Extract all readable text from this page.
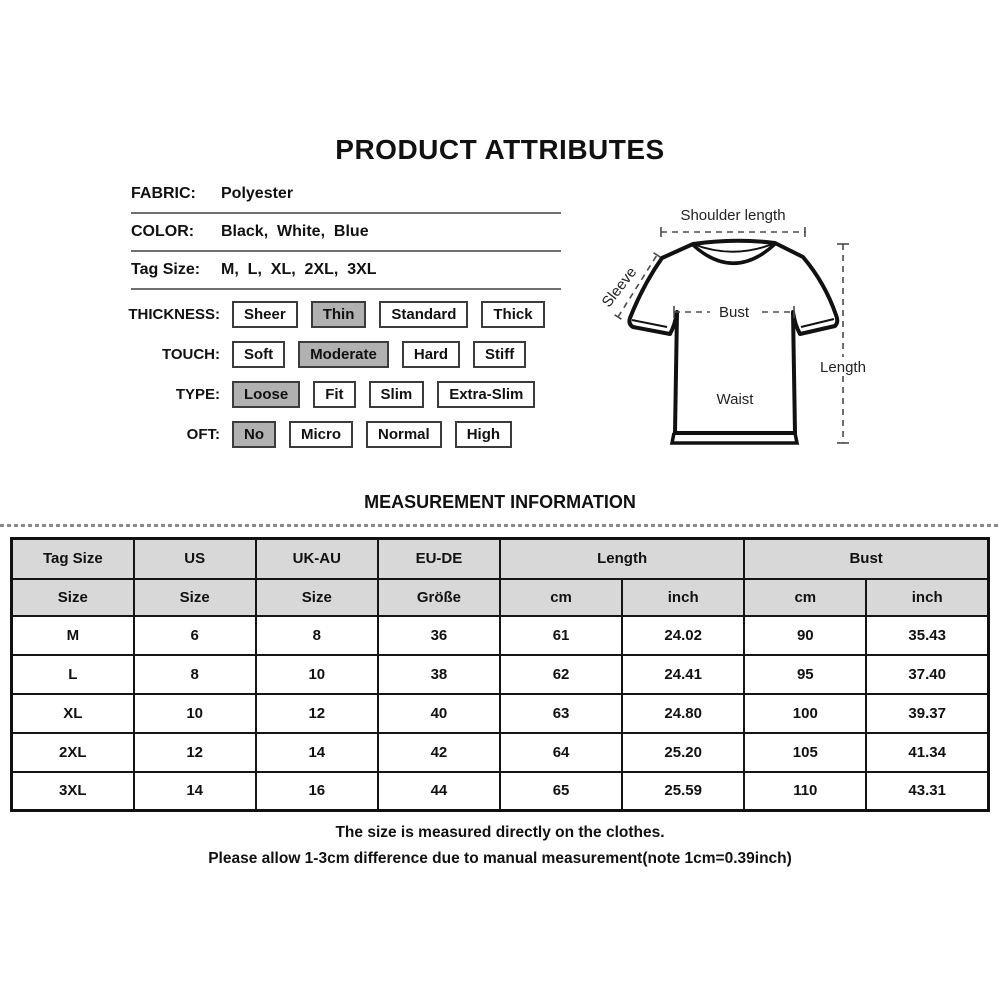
PRODUCT ATTRIBUTES
FABRIC:	Polyester
COLOR:	Black,  White,  Blue
Tag Size:	M,  L,  XL,  2XL,  3XL
THICKNESS:	Sheer	Thin	Standard	Thick
TOUCH:	Soft	Moderate	Hard	Stiff
TYPE:	Loose	Fit	Slim	Extra-Slim
OFT:	No	Micro	Normal	High
Shoulder length
Sleeve
Bust
Waist
Length
MEASUREMENT INFORMATION
Tag Size	US	UK-AU	EU-DE	Length		Bust	
Size	Size	Size	Größe	cm	inch	cm	inch
M	6	8	36	61	24.02	90	35.43
L	8	10	38	62	24.41	95	37.40
XL	10	12	40	63	24.80	100	39.37
2XL	12	14	42	64	25.20	105	41.34
3XL	14	16	44	65	25.59	110	43.31
The size is measured directly on the clothes.
Please allow 1-3cm difference due to manual measurement(note 1cm=0.39inch)
